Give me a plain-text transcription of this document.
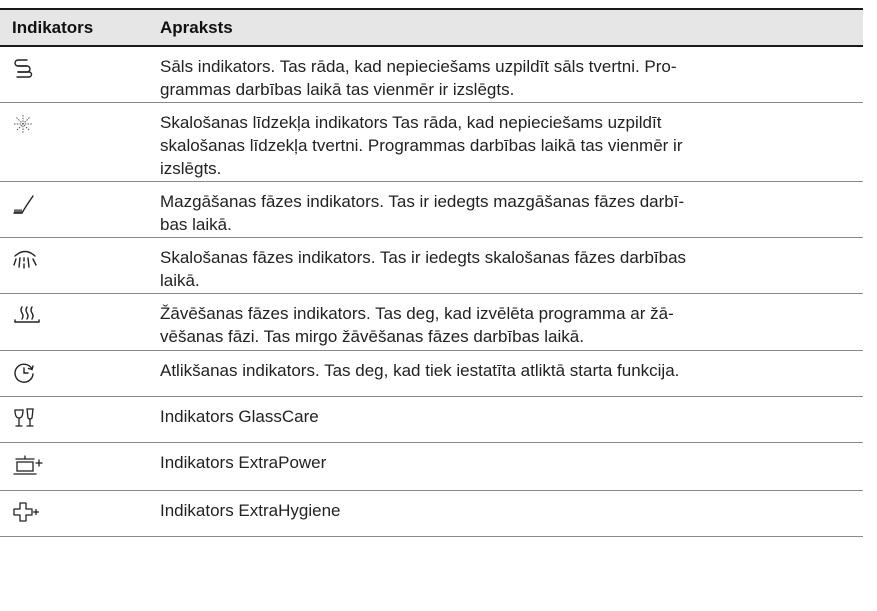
Indikators	Apraksts
Sāls indikators. Tas rāda, kad nepieciešams uzpildīt sāls tvertni. Pro-
grammas darbības laikā tas vienmēr ir izslēgts.
Skalošanas līdzekļa indikators Tas rāda, kad nepieciešams uzpildīt
skalošanas līdzekļa tvertni. Programmas darbības laikā tas vienmēr ir
izslēgts.
Mazgāšanas fāzes indikators. Tas ir iedegts mazgāšanas fāzes darbī-
bas laikā.
Skalošanas fāzes indikators. Tas ir iedegts skalošanas fāzes darbības
laikā.
Žāvēšanas fāzes indikators. Tas deg, kad izvēlēta programma ar žā-
vēšanas fāzi. Tas mirgo žāvēšanas fāzes darbības laikā.
Atlikšanas indikators. Tas deg, kad tiek iestatīta atliktā starta funkcija.
Indikators GlassCare
Indikators ExtraPower
Indikators ExtraHygiene
